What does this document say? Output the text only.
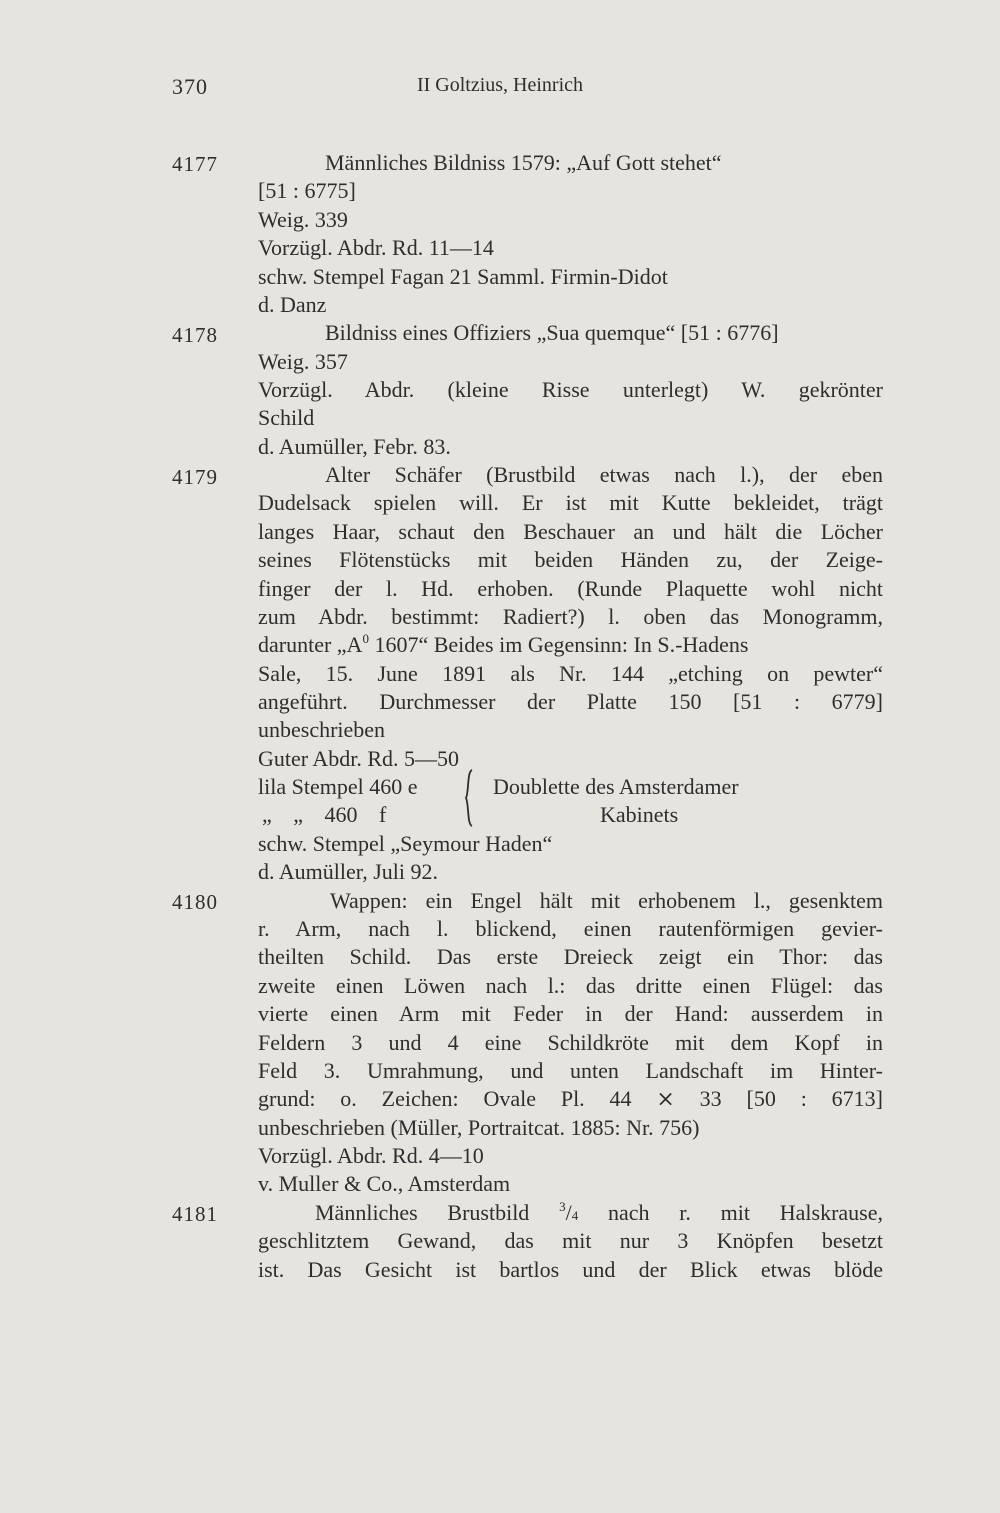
370	II Goltzius, Heinrich
4177	Männliches Bildniss 1579: „Auf Gott stehet“
[51 : 6775]
Weig. 339
Vorzügl. Abdr. Rd. 11—14
schw. Stempel Fagan 21 Samml. Firmin-Didot
d. Danz
4178	Bildniss eines Offiziers „Sua quemque“ [51 : 6776]
Weig. 357
Vorzügl. Abdr. (kleine Risse unterlegt) W. gekrönter
Schild
d. Aumüller, Febr. 83.
4179	Alter Schäfer (Brustbild etwas nach l.), der eben
Dudelsack spielen will. Er ist mit Kutte bekleidet, trägt
langes Haar, schaut den Beschauer an und hält die Löcher
seines Flötenstücks mit beiden Händen zu, der Zeige-
finger der l. Hd. erhoben. (Runde Plaquette wohl nicht
zum Abdr. bestimmt: Radiert?) l. oben das Monogramm,
darunter $„A^0$ 1607“ Beides im Gegensinn: In S.-Hadens
Sale, 15. June 1891 als Nr. 144 „etching on pewter“
angeführt. Durchmesser der Platte 150 [51 : 6779]
unbeschrieben
Guter Abdr. Rd. 5—50
lila Stempel 460 e	Doublette des Amsterdamer
„ „ 460 f	Kabinets
schw. Stempel „Seymour Haden“
d. Aumüller, Juli 92.
4180	Wappen: ein Engel hält mit erhobenem l., gesenktem
r. Arm, nach l. blickend, einen rautenförmigen gevier-
theilten Schild. Das erste Dreieck zeigt ein Thor: das
zweite einen Löwen nach l.: das dritte einen Flügel: das
vierte einen Arm mit Feder in der Hand: ausserdem in
Feldern 3 und 4 eine Schildkröte mit dem Kopf in
Feld 3. Umrahmung, und unten Landschaft im Hinter-
grund: o. Zeichen: Ovale Pl. 44 ⨯ 33 [50 : 6713]
unbeschrieben (Müller, Portraitcat. 1885: Nr. 756)
Vorzügl. Abdr. Rd. 4—10
v. Muller & Co., Amsterdam
4181	Männliches Brustbild $^3$/4 nach r. mit Halskrause,
geschlitztem Gewand, das mit nur 3 Knöpfen besetzt
ist. Das Gesicht ist bartlos und der Blick etwas blöde
